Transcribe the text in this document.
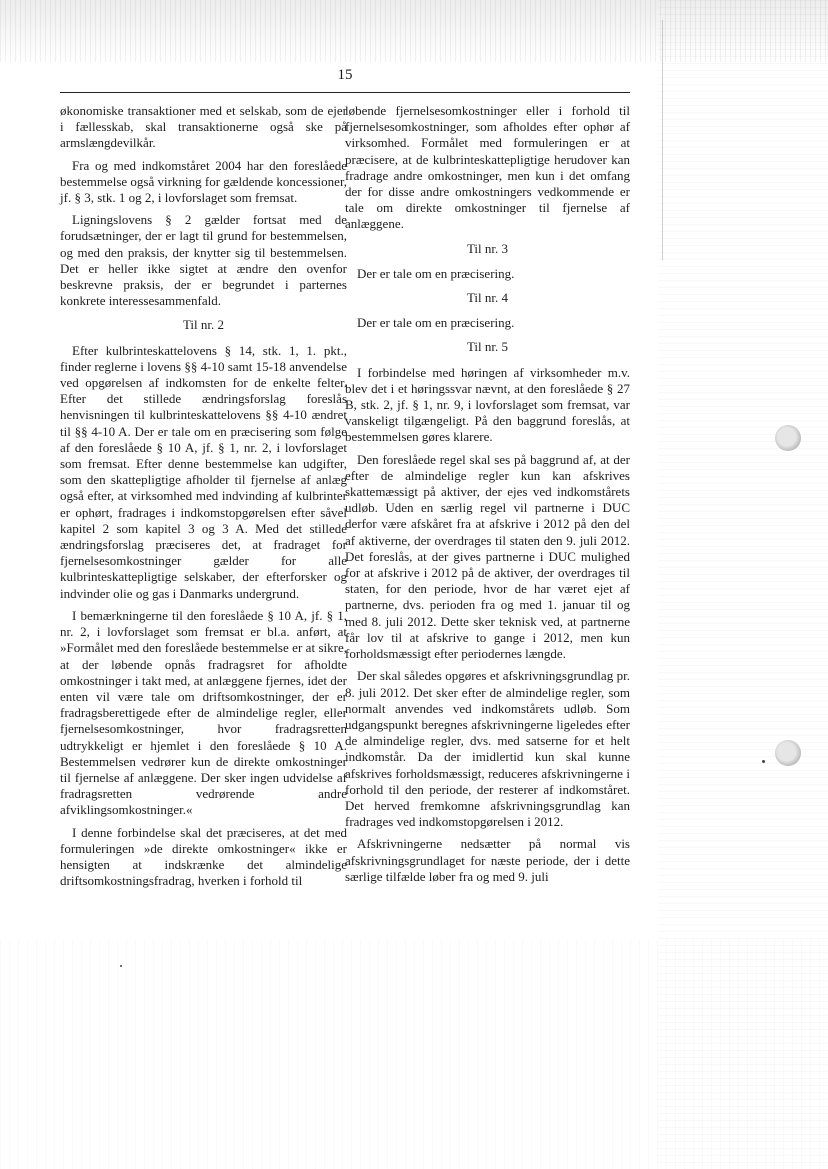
15

økonomiske transaktioner med et selskab, som de ejer i fællesskab, skal transaktionerne også ske på armslængdevilkår.

Fra og med indkomståret 2004 har den foreslåede bestemmelse også virkning for gældende koncessioner, jf. § 3, stk. 1 og 2, i lovforslaget som fremsat.

Ligningslovens § 2 gælder fortsat med de forudsætninger, der er lagt til grund for bestemmelsen, og med den praksis, der knytter sig til bestemmelsen. Det er heller ikke sigtet at ændre den ovenfor beskrevne praksis, der er begrundet i parternes konkrete interessesammenfald.

Til nr. 2

Efter kulbrinteskattelovens § 14, stk. 1, 1. pkt., finder reglerne i lovens §§ 4-10 samt 15-18 anvendelse ved opgørelsen af indkomsten for de enkelte felter. Efter det stillede ændringsforslag foreslås henvisningen til kulbrinteskattelovens §§ 4-10 ændret til §§ 4-10 A. Der er tale om en præcisering som følge af den foreslåede § 10 A, jf. § 1, nr. 2, i lovforslaget som fremsat. Efter denne bestemmelse kan udgifter, som den skattepligtige afholder til fjernelse af anlæg også efter, at virksomhed med indvinding af kulbrinter er ophørt, fradrages i indkomstopgørelsen efter såvel kapitel 2 som kapitel 3 og 3 A. Med det stillede ændringsforslag præciseres det, at fradraget for fjernelsesomkostninger gælder for alle kulbrinteskattepligtige selskaber, der efterforsker og indvinder olie og gas i Danmarks undergrund.

I bemærkningerne til den foreslåede § 10 A, jf. § 1, nr. 2, i lovforslaget som fremsat er bl.a. anført, at »Formålet med den foreslåede bestemmelse er at sikre, at der løbende opnås fradragsret for afholdte omkostninger i takt med, at anlæggene fjernes, idet der enten vil være tale om driftsomkostninger, der er fradragsberettigede efter de almindelige regler, eller fjernelsesomkostninger, hvor fradragsretten udtrykkeligt er hjemlet i den foreslåede § 10 A. Bestemmelsen vedrører kun de direkte omkostninger til fjernelse af anlæggene. Der sker ingen udvidelse af fradragsretten vedrørende andre afviklingsomkostninger.«

I denne forbindelse skal det præciseres, at det med formuleringen »de direkte omkostninger« ikke er hensigten at indskrænke det almindelige driftsomkostningsfradrag, hverken i forhold til

løbende fjernelsesomkostninger eller i forhold til fjernelsesomkostninger, som afholdes efter ophør af virksomhed. Formålet med formuleringen er at præcisere, at de kulbrinteskattepligtige herudover kan fradrage andre omkostninger, men kun i det omfang der for disse andre omkostningers vedkommende er tale om direkte omkostninger til fjernelse af anlæggene.

Til nr. 3

Der er tale om en præcisering.

Til nr. 4

Der er tale om en præcisering.

Til nr. 5

I forbindelse med høringen af virksomheder m.v. blev det i et høringssvar nævnt, at den foreslåede § 27 B, stk. 2, jf. § 1, nr. 9, i lovforslaget som fremsat, var vanskeligt tilgængeligt. På den baggrund foreslås, at bestemmelsen gøres klarere.

Den foreslåede regel skal ses på baggrund af, at der efter de almindelige regler kun kan afskrives skattemæssigt på aktiver, der ejes ved indkomstårets udløb. Uden en særlig regel vil partnerne i DUC derfor være afskåret fra at afskrive i 2012 på den del af aktiverne, der overdrages til staten den 9. juli 2012. Det foreslås, at der gives partnerne i DUC mulighed for at afskrive i 2012 på de aktiver, der overdrages til staten, for den periode, hvor de har været ejet af partnerne, dvs. perioden fra og med 1. januar til og med 8. juli 2012. Dette sker teknisk ved, at partnerne får lov til at afskrive to gange i 2012, men kun forholdsmæssigt efter periodernes længde.

Der skal således opgøres et afskrivningsgrundlag pr. 8. juli 2012. Det sker efter de almindelige regler, som normalt anvendes ved indkomstårets udløb. Som udgangspunkt beregnes afskrivningerne ligeledes efter de almindelige regler, dvs. med satserne for et helt indkomstår. Da der imidlertid kun skal kunne afskrives forholdsmæssigt, reduceres afskrivningerne i forhold til den periode, der resterer af indkomståret. Det herved fremkomne afskrivningsgrundlag kan fradrages ved indkomstopgørelsen i 2012.

Afskrivningerne nedsætter på normal vis afskrivningsgrundlaget for næste periode, der i dette særlige tilfælde løber fra og med 9. juli
